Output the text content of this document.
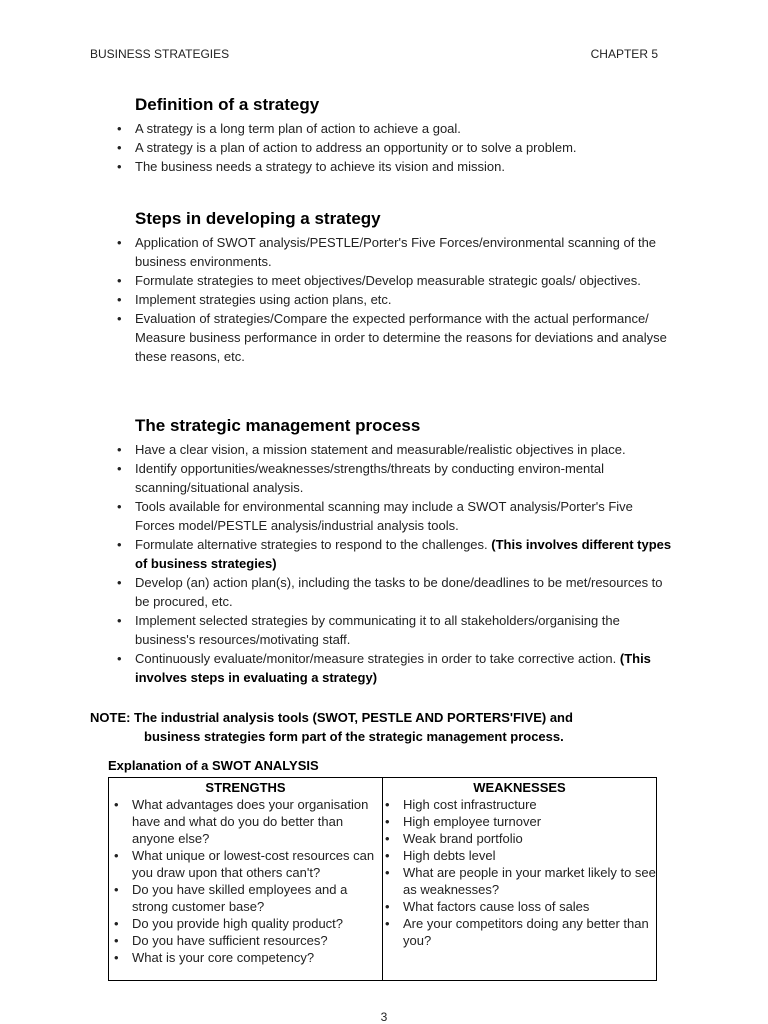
BUSINESS STRATEGIES	CHAPTER 5
Definition of a strategy
• A strategy is a long term plan of action to achieve a goal.
• A strategy is a plan of action to address an opportunity or to solve a problem.
• The business needs a strategy to achieve its vision and mission.
Steps in developing a strategy
• Application of SWOT analysis/PESTLE/Porter's Five Forces/environmental scanning of the business environments.
• Formulate strategies to meet objectives/Develop measurable strategic goals/ objectives.
• Implement strategies using action plans, etc.
• Evaluation of strategies/Compare the expected performance with the actual performance/ Measure business performance in order to determine the reasons for deviations and analyse these reasons, etc.
The strategic management process
• Have a clear vision, a mission statement and measurable/realistic objectives in place.
• Identify opportunities/weaknesses/strengths/threats by conducting environ-mental scanning/situational analysis.
• Tools available for environmental scanning may include a SWOT analysis/Porter's Five Forces model/PESTLE analysis/industrial analysis tools.
• Formulate alternative strategies to respond to the challenges. (This involves different types of business strategies)
• Develop (an) action plan(s), including the tasks to be done/deadlines to be met/resources to be procured, etc.
• Implement selected strategies by communicating it to all stakeholders/organising the business's resources/motivating staff.
• Continuously evaluate/monitor/measure strategies in order to take corrective action. (This involves steps in evaluating a strategy)
NOTE: The industrial analysis tools (SWOT, PESTLE AND PORTERS'FIVE) and
business strategies form part of the strategic management process.
Explanation of a SWOT ANALYSIS
STRENGTHS
• What advantages does your organisation have and what do you do better than anyone else?
• What unique or lowest-cost resources can you draw upon that others can't?
• Do you have skilled employees and a strong customer base?
• Do you provide high quality product?
• Do you have sufficient resources?
• What is your core competency?
WEAKNESSES
• High cost infrastructure
• High employee turnover
• Weak brand portfolio
• High debts level
• What are people in your market likely to see as weaknesses?
• What factors cause loss of sales
• Are your competitors doing any better than you?
3
